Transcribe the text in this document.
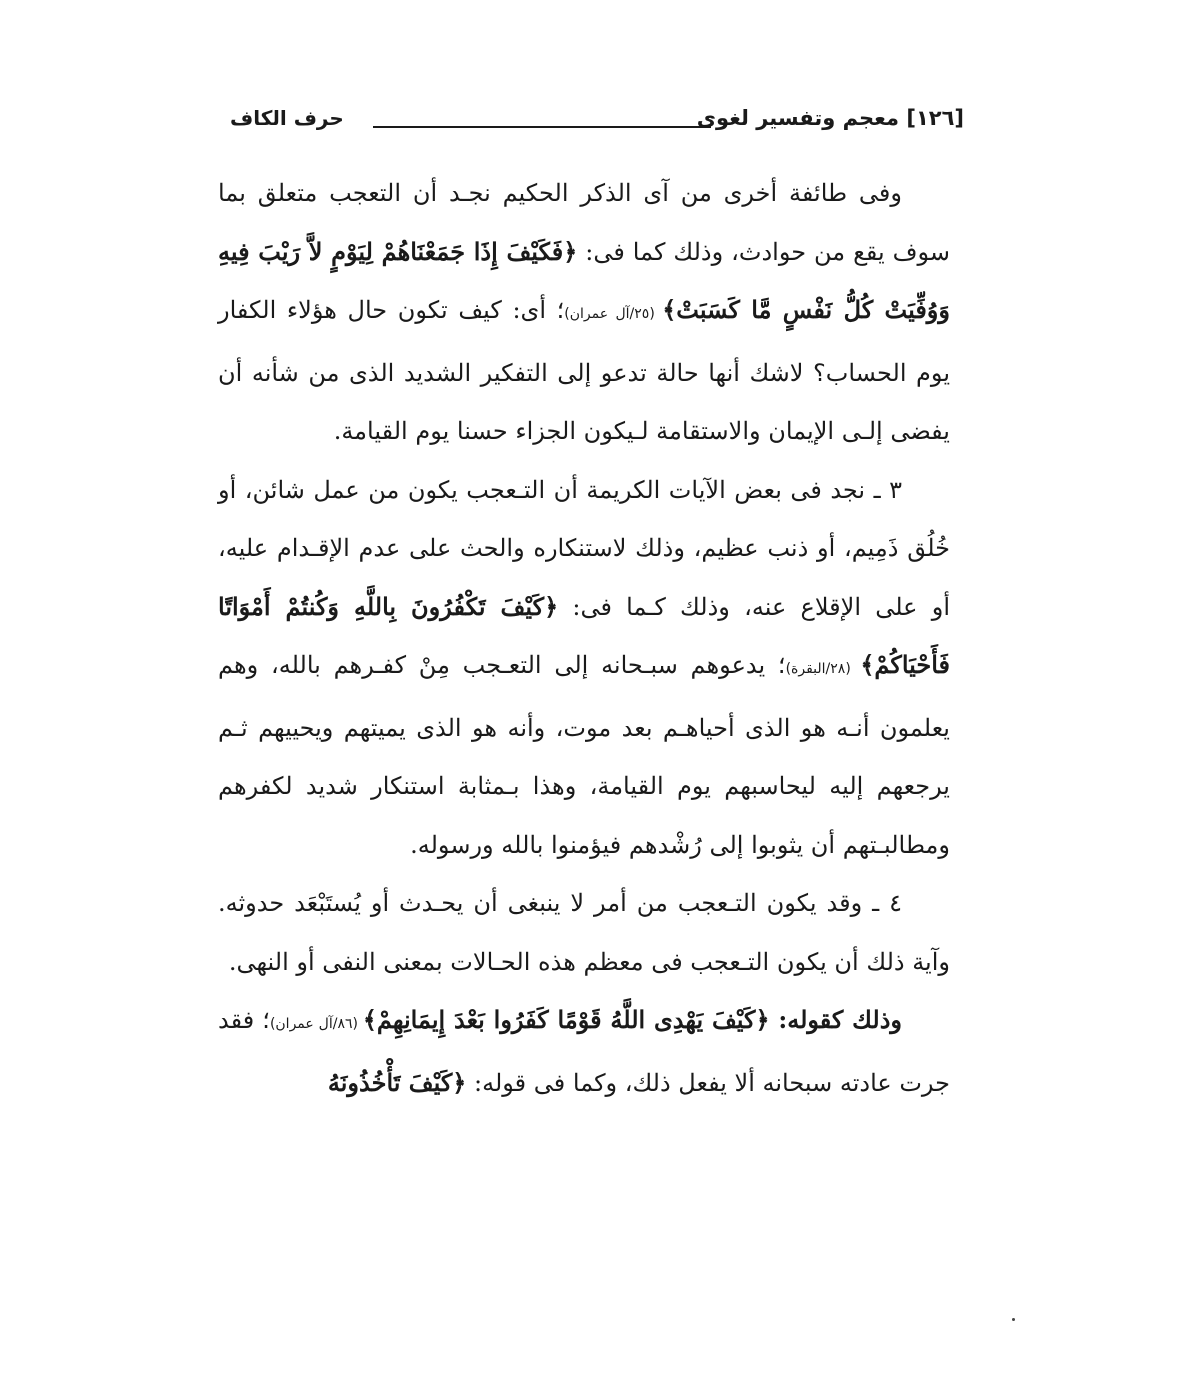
[١٢٦] معجم وتفسير لغوى
حرف الكاف

وفى طائفة أخرى من آى الذكر الحكيم نجـد أن التعجب متعلق بما سوف يقع من حوادث، وذلك كما فى: ﴿فَكَيْفَ إِذَا جَمَعْنَاهُمْ لِيَوْمٍ لاَّ رَيْبَ فِيهِ وَوُفِّيَتْ كُلُّ نَفْسٍ مَّا كَسَبَتْ﴾ (٢٥/آل عمران)؛ أى: كيف تكون حال هؤلاء الكفار يوم الحساب؟ لاشك أنها حالة تدعو إلى التفكير الشديد الذى من شأنه أن يفضى إلـى الإيمان والاستقامة لـيكون الجزاء حسنا يوم القيامة.

٣ ـ نجد فى بعض الآيات الكريمة أن التـعجب يكون من عمل شائن، أو خُلُق ذَمِيم، أو ذنب عظيم، وذلك لاستنكاره والحث على عدم الإقـدام عليه، أو على الإقلاع عنه، وذلك كـما فى: ﴿كَيْفَ تَكْفُرُونَ بِاللَّهِ وَكُنتُمْ أَمْوَاتًا فَأَحْيَاكُمْ﴾ (٢٨/البقرة)؛ يدعوهم سبـحانه إلى التعـجب مِنْ كفـرهم بالله، وهم يعلمون أنـه هو الذى أحياهـم بعد موت، وأنه هو الذى يميتهم ويحييهم ثـم يرجعهم إليه ليحاسبهم يوم القيامة، وهذا بـمثابة استنكار شديد لكفرهم ومطالبـتهم أن يثوبوا إلى رُشْدهم فيؤمنوا بالله ورسوله.

٤ ـ وقد يكون التـعجب من أمر لا ينبغى أن يحـدث أو يُستَبْعَد حدوثه. وآية ذلك أن يكون التـعجب فى معظم هذه الحـالات بمعنى النفى أو النهى.

وذلك كقوله: ﴿كَيْفَ يَهْدِى اللَّهُ قَوْمًا كَفَرُوا بَعْدَ إِيمَانِهِمْ﴾ (٨٦/آل عمران)؛ فقد جرت عادته سبحانه ألا يفعل ذلك، وكما فى قوله: ﴿كَيْفَ تَأْخُذُونَهُ
